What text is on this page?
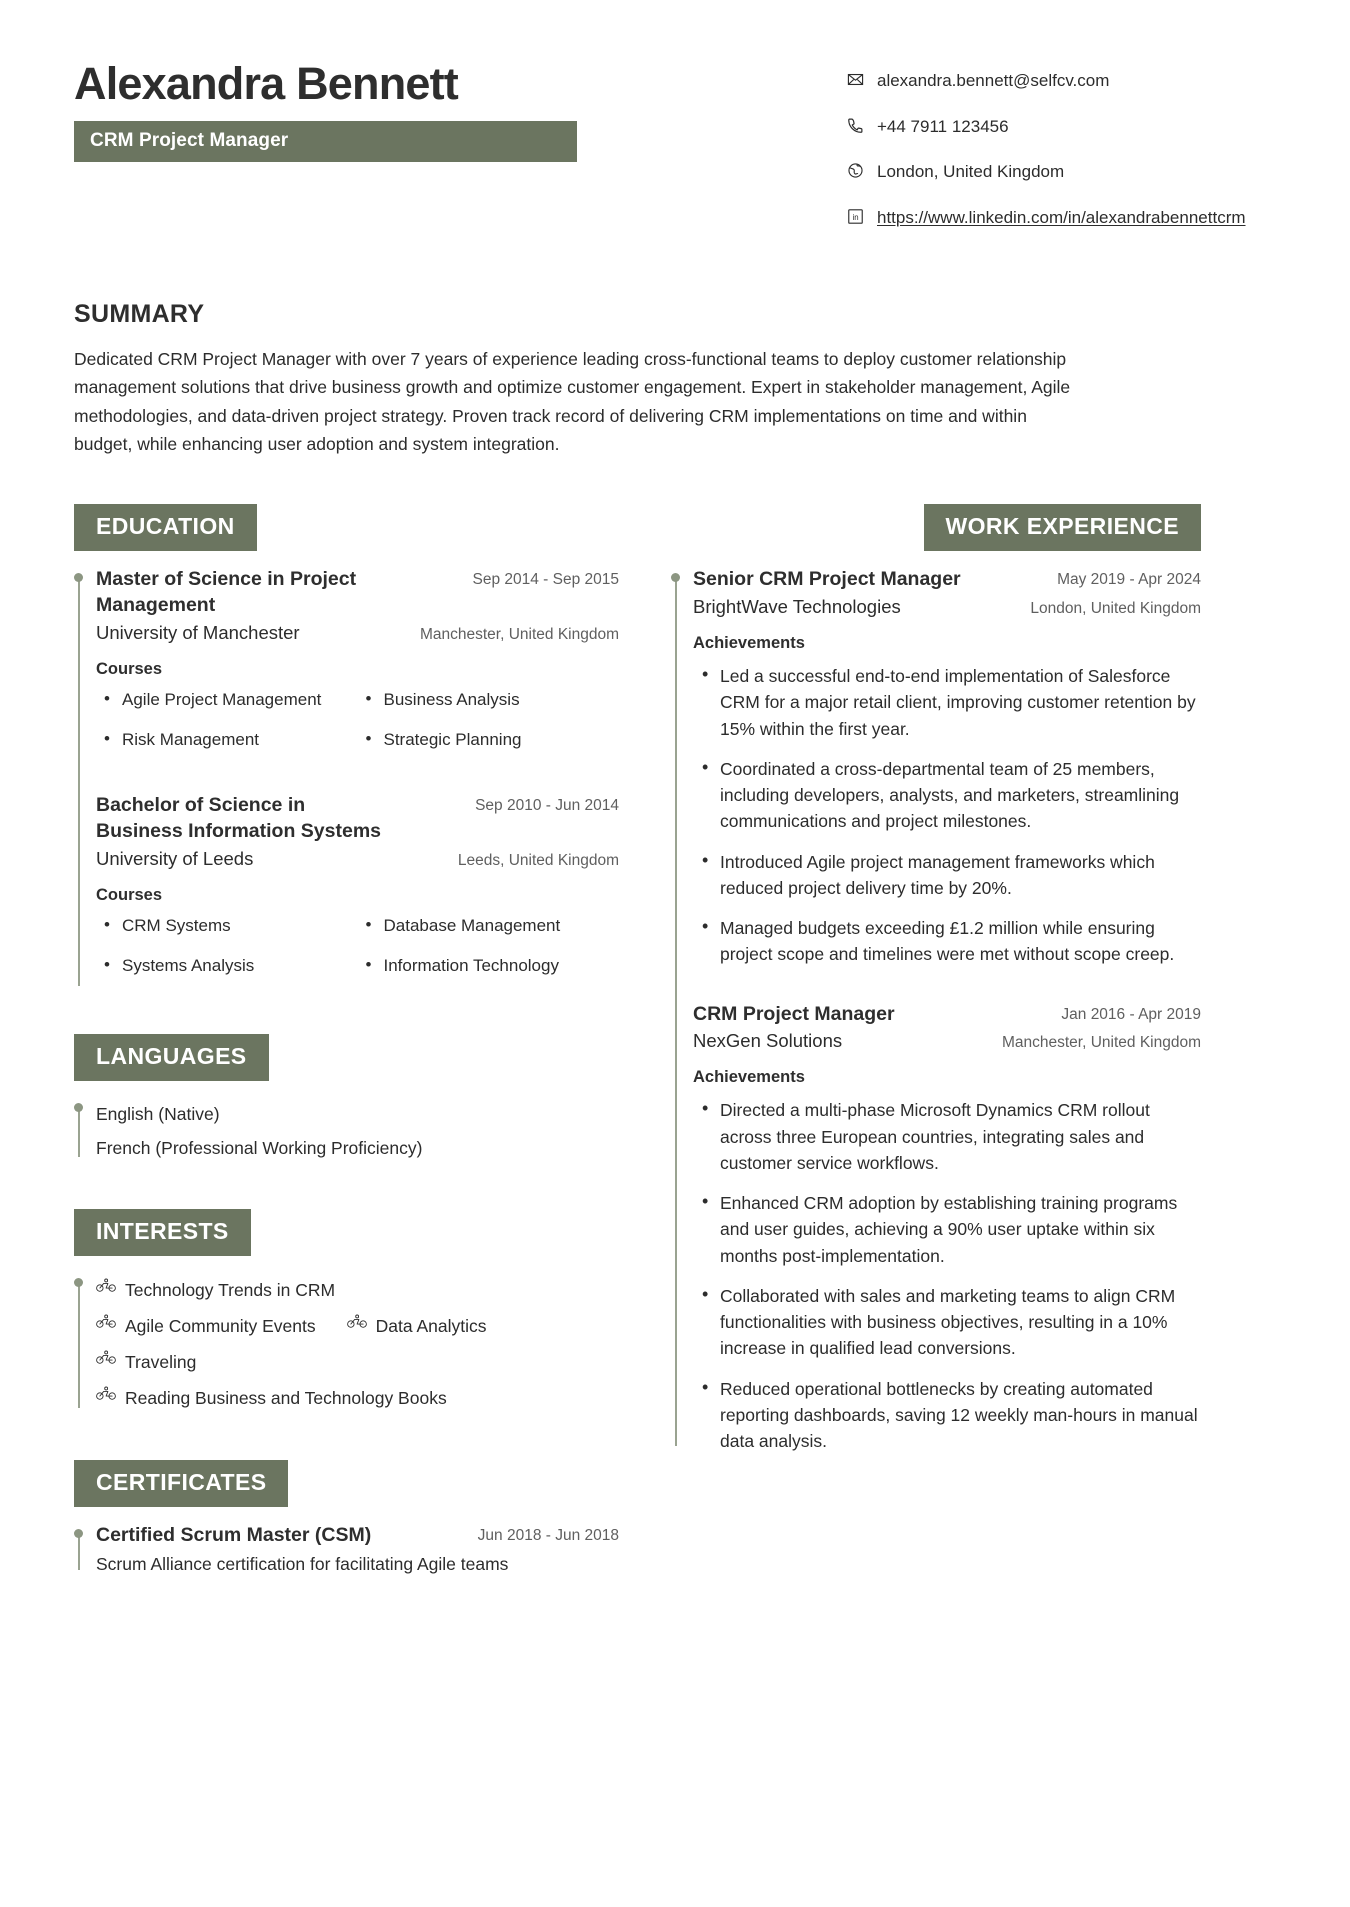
Alexandra Bennett
CRM Project Manager
alexandra.bennett@selfcv.com
+44 7911 123456
London, United Kingdom
in https://www.linkedin.com/in/alexandrabennettcrm
SUMMARY
Dedicated CRM Project Manager with over 7 years of experience leading cross-functional teams to deploy customer relationship management solutions that drive business growth and optimize customer engagement. Expert in stakeholder management, Agile methodologies, and data-driven project strategy. Proven track record of delivering CRM implementations on time and within budget, while enhancing user adoption and system integration.
EDUCATION
Master of Science in Project Management
Sep 2014 - Sep 2015
University of Manchester	Manchester, United Kingdom
Courses
• Agile Project Management	• Business Analysis
• Risk Management	• Strategic Planning
Bachelor of Science in Business Information Systems
Sep 2010 - Jun 2014
University of Leeds	Leeds, United Kingdom
Courses
• CRM Systems	• Database Management
• Systems Analysis	• Information Technology
LANGUAGES
English (Native)
French (Professional Working Proficiency)
INTERESTS
Technology Trends in CRM
Agile Community Events	Data Analytics
Traveling
Reading Business and Technology Books
CERTIFICATES
Certified Scrum Master (CSM)	Jun 2018 - Jun 2018
Scrum Alliance certification for facilitating Agile teams
WORK EXPERIENCE
Senior CRM Project Manager	May 2019 - Apr 2024
BrightWave Technologies	London, United Kingdom
Achievements
• Led a successful end-to-end implementation of Salesforce CRM for a major retail client, improving customer retention by 15% within the first year.
• Coordinated a cross-departmental team of 25 members, including developers, analysts, and marketers, streamlining communications and project milestones.
• Introduced Agile project management frameworks which reduced project delivery time by 20%.
• Managed budgets exceeding £1.2 million while ensuring project scope and timelines were met without scope creep.
CRM Project Manager	Jan 2016 - Apr 2019
NexGen Solutions	Manchester, United Kingdom
Achievements
• Directed a multi-phase Microsoft Dynamics CRM rollout across three European countries, integrating sales and customer service workflows.
• Enhanced CRM adoption by establishing training programs and user guides, achieving a 90% user uptake within six months post-implementation.
• Collaborated with sales and marketing teams to align CRM functionalities with business objectives, resulting in a 10% increase in qualified lead conversions.
• Reduced operational bottlenecks by creating automated reporting dashboards, saving 12 weekly man-hours in manual data analysis.
